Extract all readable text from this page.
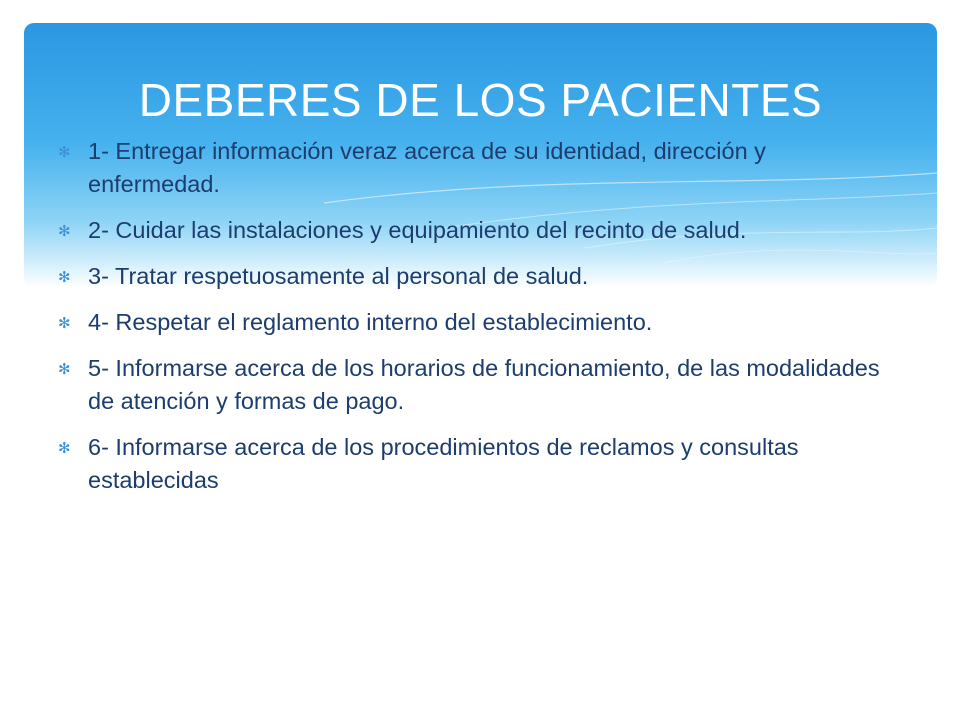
DEBERES DE LOS PACIENTES
✻ 1- Entregar información veraz acerca de su identidad, dirección y enfermedad.
✻ 2- Cuidar las instalaciones y equipamiento del recinto de salud.
✻ 3- Tratar respetuosamente al personal de salud.
✻ 4- Respetar el reglamento interno del establecimiento.
✻ 5- Informarse acerca de los horarios de funcionamiento, de las modalidades de atención y formas de pago.
✻ 6- Informarse acerca de los procedimientos de reclamos y consultas establecidas
